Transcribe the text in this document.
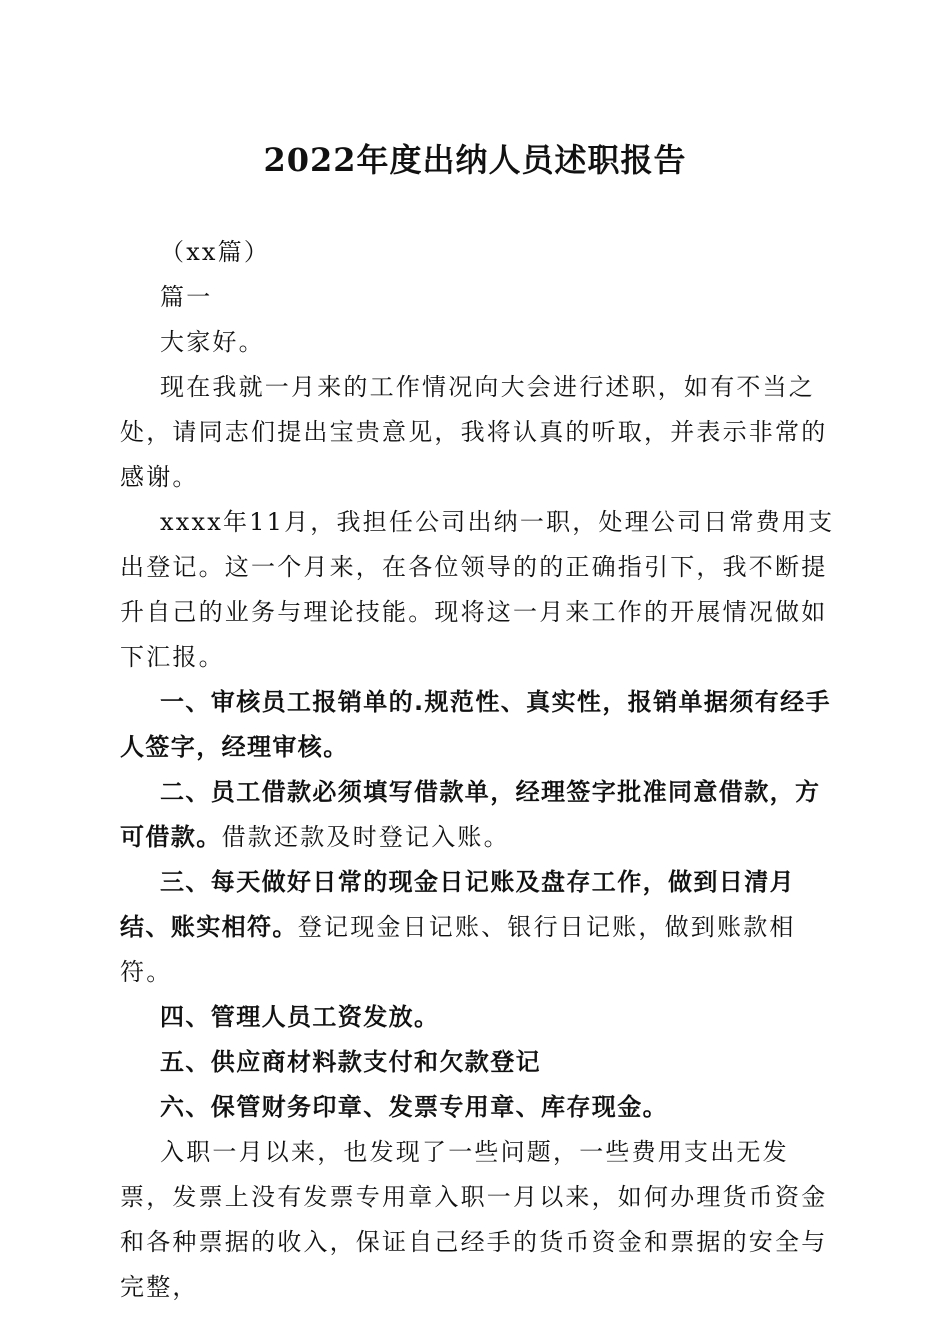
2022年度出纳人员述职报告

（xx篇）

篇一

大家好。

现在我就一月来的工作情况向大会进行述职，如有不当之处，请同志们提出宝贵意见，我将认真的听取，并表示非常的感谢。

xxxx年11月，我担任公司出纳一职，处理公司日常费用支出登记。这一个月来，在各位领导的的正确指引下，我不断提升自己的业务与理论技能。现将这一月来工作的开展情况做如下汇报。

一、审核员工报销单的.规范性、真实性，报销单据须有经手人签字，经理审核。

二、员工借款必须填写借款单，经理签字批准同意借款，方可借款。借款还款及时登记入账。

三、每天做好日常的现金日记账及盘存工作，做到日清月结、账实相符。登记现金日记账、银行日记账，做到账款相符。

四、管理人员工资发放。

五、供应商材料款支付和欠款登记

六、保管财务印章、发票专用章、库存现金。

入职一月以来，也发现了一些问题，一些费用支出无发票，发票上没有发票专用章入职一月以来，如何办理货币资金和各种票据的收入，保证自己经手的货币资金和票据的安全与完整，
